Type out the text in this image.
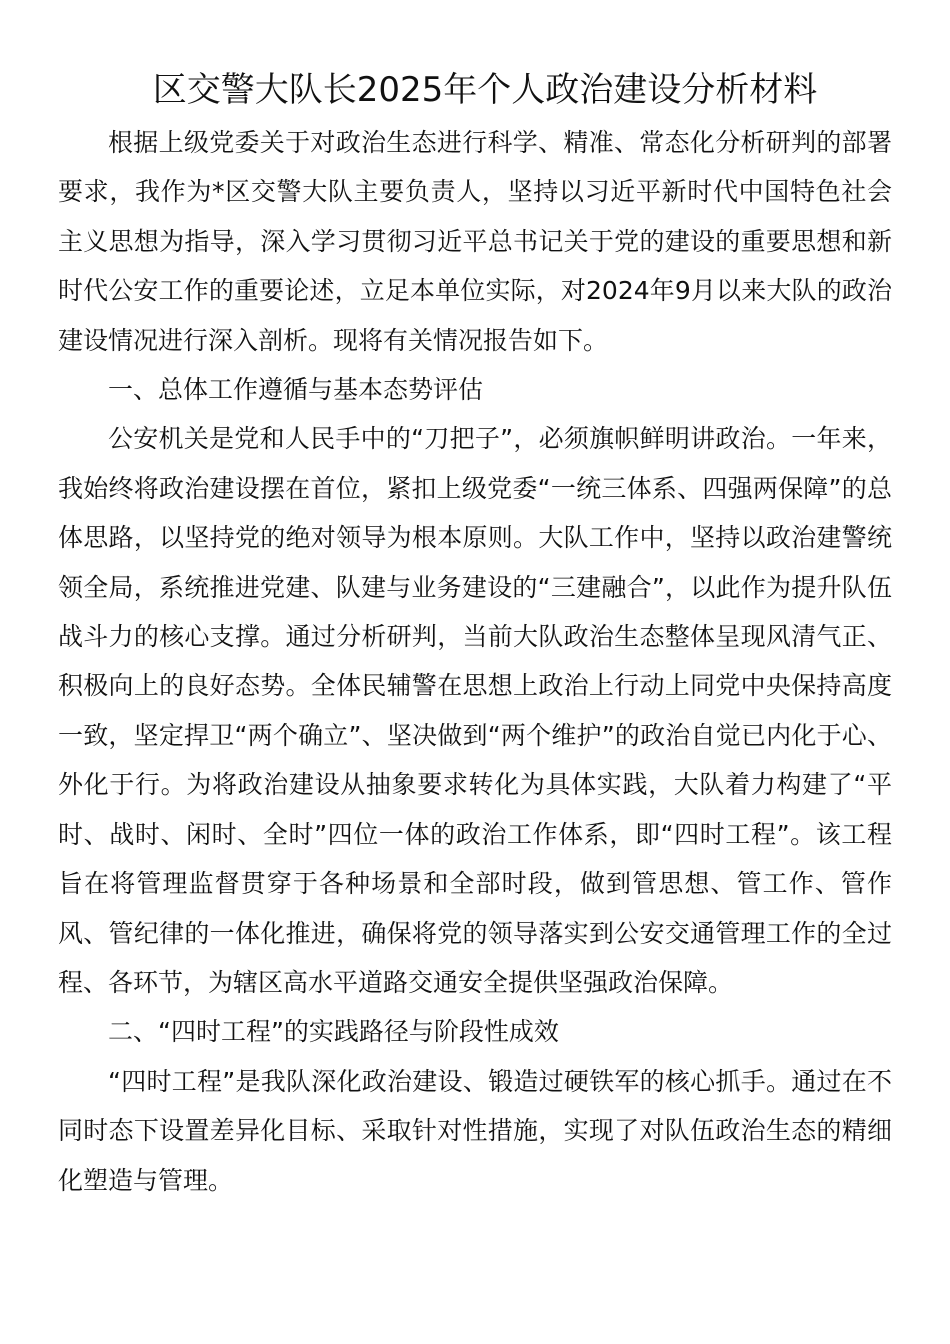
区交警大队长2025年个人政治建设分析材料

根据上级党委关于对政治生态进行科学、精准、常态化分析研判的部署要求，我作为*区交警大队主要负责人，坚持以习近平新时代中国特色社会主义思想为指导，深入学习贯彻习近平总书记关于党的建设的重要思想和新时代公安工作的重要论述，立足本单位实际，对2024年9月以来大队的政治建设情况进行深入剖析。现将有关情况报告如下。

一、总体工作遵循与基本态势评估

公安机关是党和人民手中的“刀把子”，必须旗帜鲜明讲政治。一年来，我始终将政治建设摆在首位，紧扣上级党委“一统三体系、四强两保障”的总体思路，以坚持党的绝对领导为根本原则。大队工作中，坚持以政治建警统领全局，系统推进党建、队建与业务建设的“三建融合”，以此作为提升队伍战斗力的核心支撑。通过分析研判，当前大队政治生态整体呈现风清气正、积极向上的良好态势。全体民辅警在思想上政治上行动上同党中央保持高度一致，坚定捍卫“两个确立”、坚决做到“两个维护”的政治自觉已内化于心、外化于行。为将政治建设从抽象要求转化为具体实践，大队着力构建了“平时、战时、闲时、全时”四位一体的政治工作体系，即“四时工程”。该工程旨在将管理监督贯穿于各种场景和全部时段，做到管思想、管工作、管作风、管纪律的一体化推进，确保将党的领导落实到公安交通管理工作的全过程、各环节，为辖区高水平道路交通安全提供坚强政治保障。

二、“四时工程”的实践路径与阶段性成效

“四时工程”是我队深化政治建设、锻造过硬铁军的核心抓手。通过在不同时态下设置差异化目标、采取针对性措施，实现了对队伍政治生态的精细化塑造与管理。
